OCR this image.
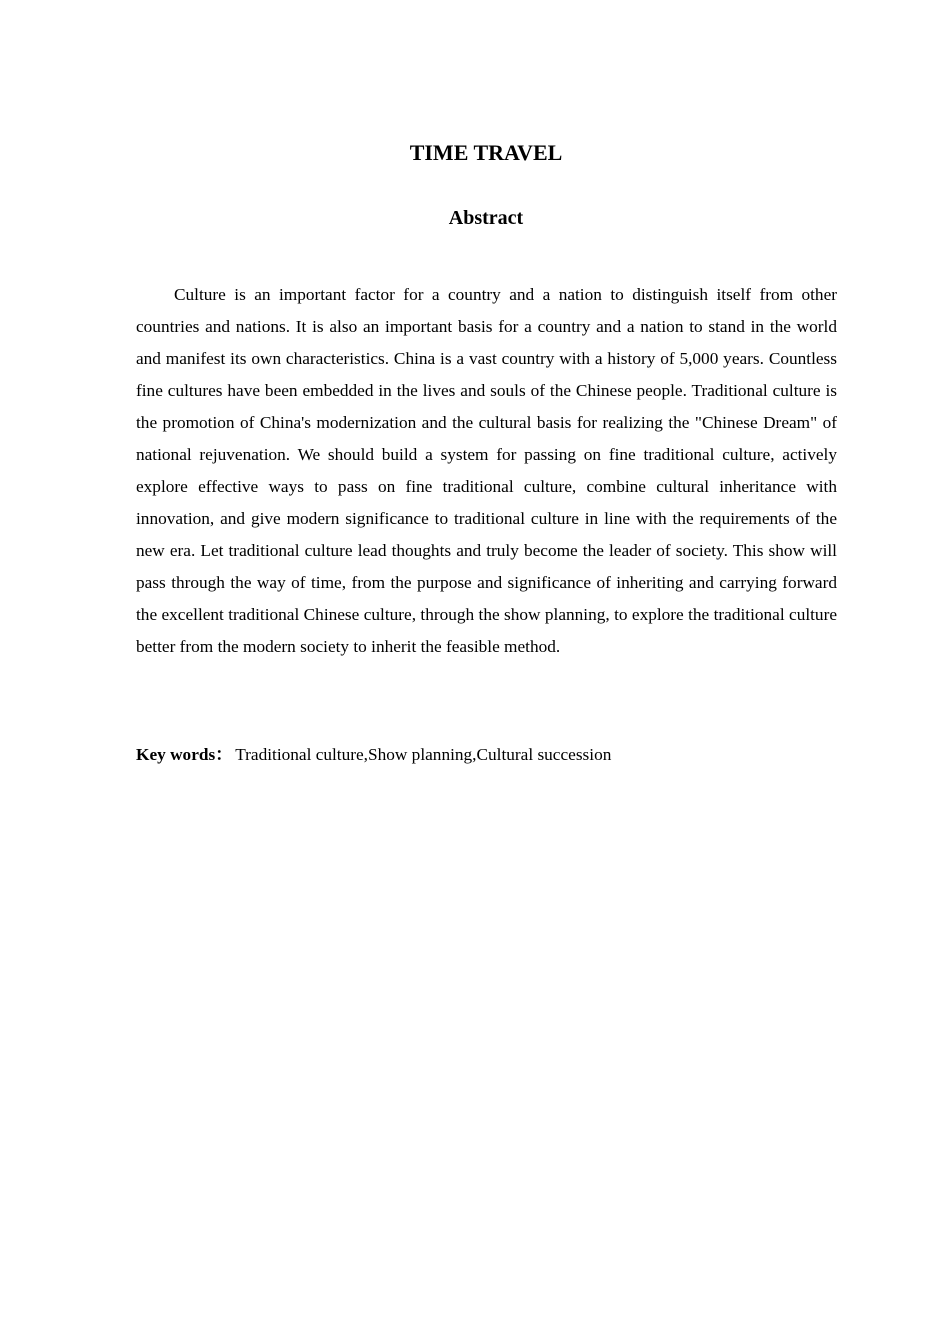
TIME TRAVEL
Abstract

Culture is an important factor for a country and a nation to distinguish itself from other countries and nations. It is also an important basis for a country and a nation to stand in the world and manifest its own characteristics. China is a vast country with a history of 5,000 years. Countless fine cultures have been embedded in the lives and souls of the Chinese people. Traditional culture is the promotion of China's modernization and the cultural basis for realizing the "Chinese Dream" of national rejuvenation. We should build a system for passing on fine traditional culture, actively explore effective ways to pass on fine traditional culture, combine cultural inheritance with innovation, and give modern significance to traditional culture in line with the requirements of the new era. Let traditional culture lead thoughts and truly become the leader of society. This show will pass through the way of time, from the purpose and significance of inheriting and carrying forward the excellent traditional Chinese culture, through the show planning, to explore the traditional culture better from the modern society to inherit the feasible method.

Key words： Traditional culture,Show planning,Cultural succession
